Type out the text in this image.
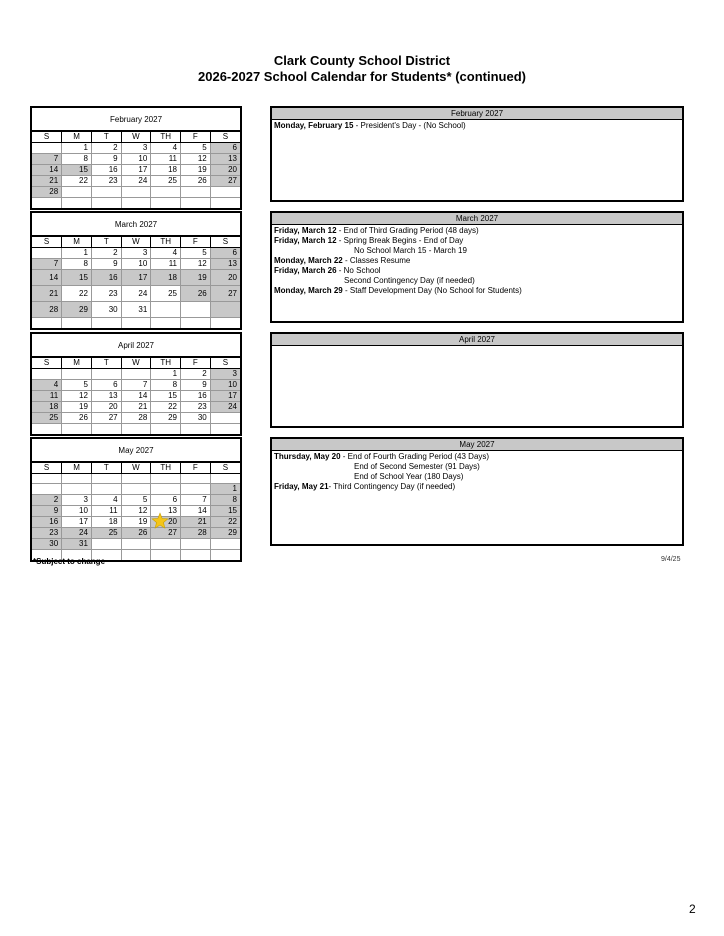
Clark County School District
2026-2027 School Calendar for Students* (continued)
February 2027
S	M	T	W	TH	F	S
	1	2	3	4	5	6
7	8	9	10	11	12	13
14	15	16	17	18	19	20
21	22	23	24	25	26	27
28						

March 2027
S	M	T	W	TH	F	S
	1	2	3	4	5	6
7	8	9	10	11	12	13
14	15	16	17	18	19	20
21	22	23	24	25	26	27
28	29	30	31			

April 2027
S	M	T	W	TH	F	S
				1	2	3
4	5	6	7	8	9	10
11	12	13	14	15	16	17
18	19	20	21	22	23	24
25	26	27	28	29	30	

May 2027
S	M	T	W	TH	F	S

						1
2	3	4	5	6	7	8
9	10	11	12	13	14	15
16	17	18	19	20	21	22
23	24	25	26	27	28	29
30	31					

February 2027
Monday, February 15 - President's Day - (No School)
March 2027
Friday, March 12 - End of Third Grading Period (48 days)
Friday, March 12 - Spring Break Begins - End of Day
No School March 15 - March 19
Monday, March 22 - Classes Resume
Friday, March 26 - No School
Second Contingency Day (if needed)
Monday, March 29 - Staff Development Day (No School for Students)
April 2027
May 2027
Thursday, May 20 - End of Fourth Grading Period (43 Days)
End of Second Semester (91 Days)
End of School Year (180 Days)
Friday, May 21- Third Contingency Day (if needed)
*Subject to change	9/4/25
2
